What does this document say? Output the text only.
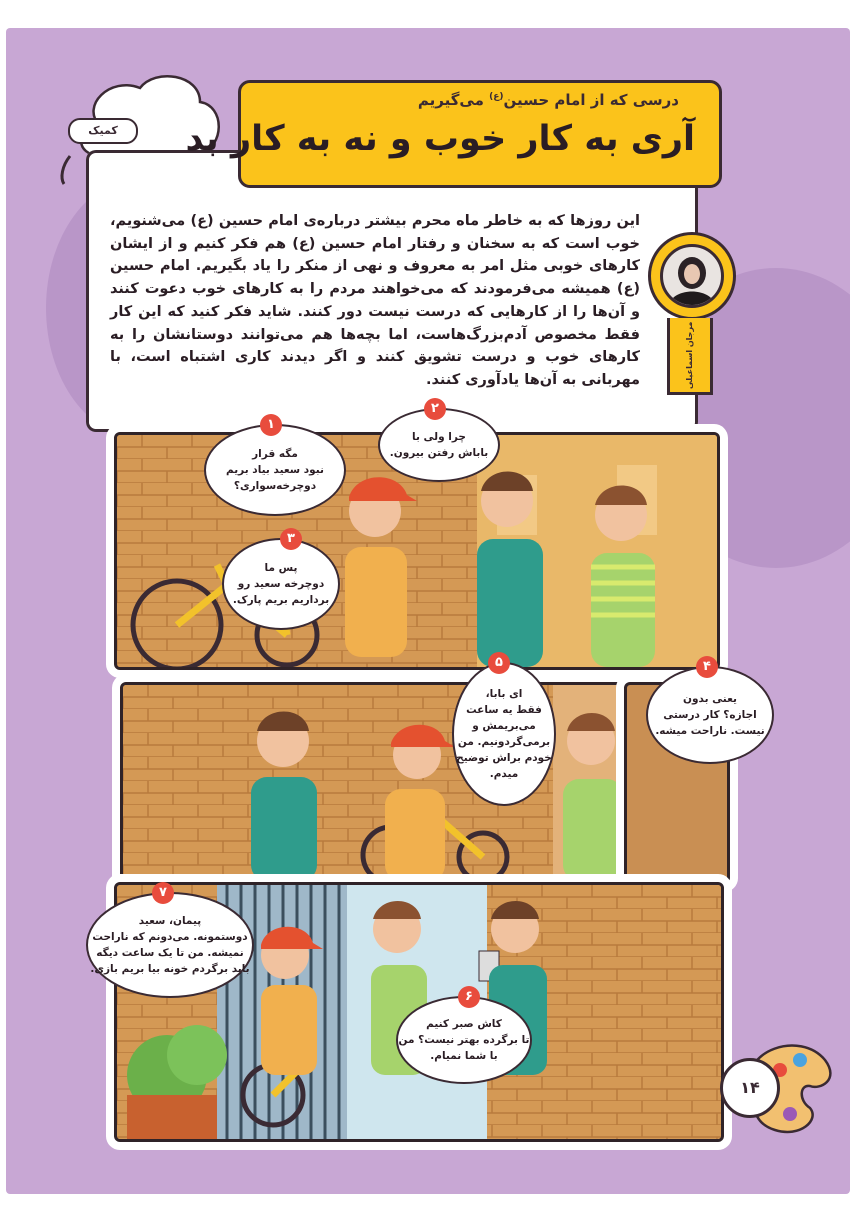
کمیک
درسی که از امام حسین$^{(ع)}$ می‌گیریم
آری به کار خوب و نه به کار بد
این روزها که به خاطر ماه محرم بیشتر درباره‌ی امام حسین (ع) می‌شنویم، خوب است که به سخنان و رفتار امام حسین (ع) هم فکر کنیم و از ایشان کارهای خوبی مثل امر به معروف و نهی از منکر را یاد بگیریم. امام حسین (ع) همیشه می‌فرمودند که می‌خواهند مردم را به کارهای خوب دعوت کنند و آن‌ها را از کارهایی که درست نیست دور کنند. شاید فکر کنید که این کار فقط مخصوص آدم‌بزرگ‌هاست، اما بچه‌ها هم می‌توانند دوستانشان را به کارهای خوب و درست تشویق کنند و اگر دیدند کاری اشتباه است، با مهربانی به آن‌ها یادآوری کنند.	مرجان اسماعیلی
مگه قرار
نبود سعید بیاد بریم
دوچرخه‌سواری؟
۱
چرا ولی با
باباش رفتن بیرون.
۲
پس ما
دوچرخه سعید رو
برداریم بریم پارک.
۳
یعنی بدون
اجازه؟ کار درستی
نیست. ناراحت میشه.
۴
ای بابا،
فقط یه ساعت
می‌بریمش و
برمی‌گردونیم. من
خودم براش توضیح
میدم.
۵
کاش صبر کنیم
تا برگرده بهتر نیست؟ من
با شما نمیام.
۶
پیمان، سعید
دوستمونه. می‌دونم که ناراحت
نمیشه. من تا یک ساعت دیگه
باید برگردم خونه بیا بریم بازی.
۷
۱۴
